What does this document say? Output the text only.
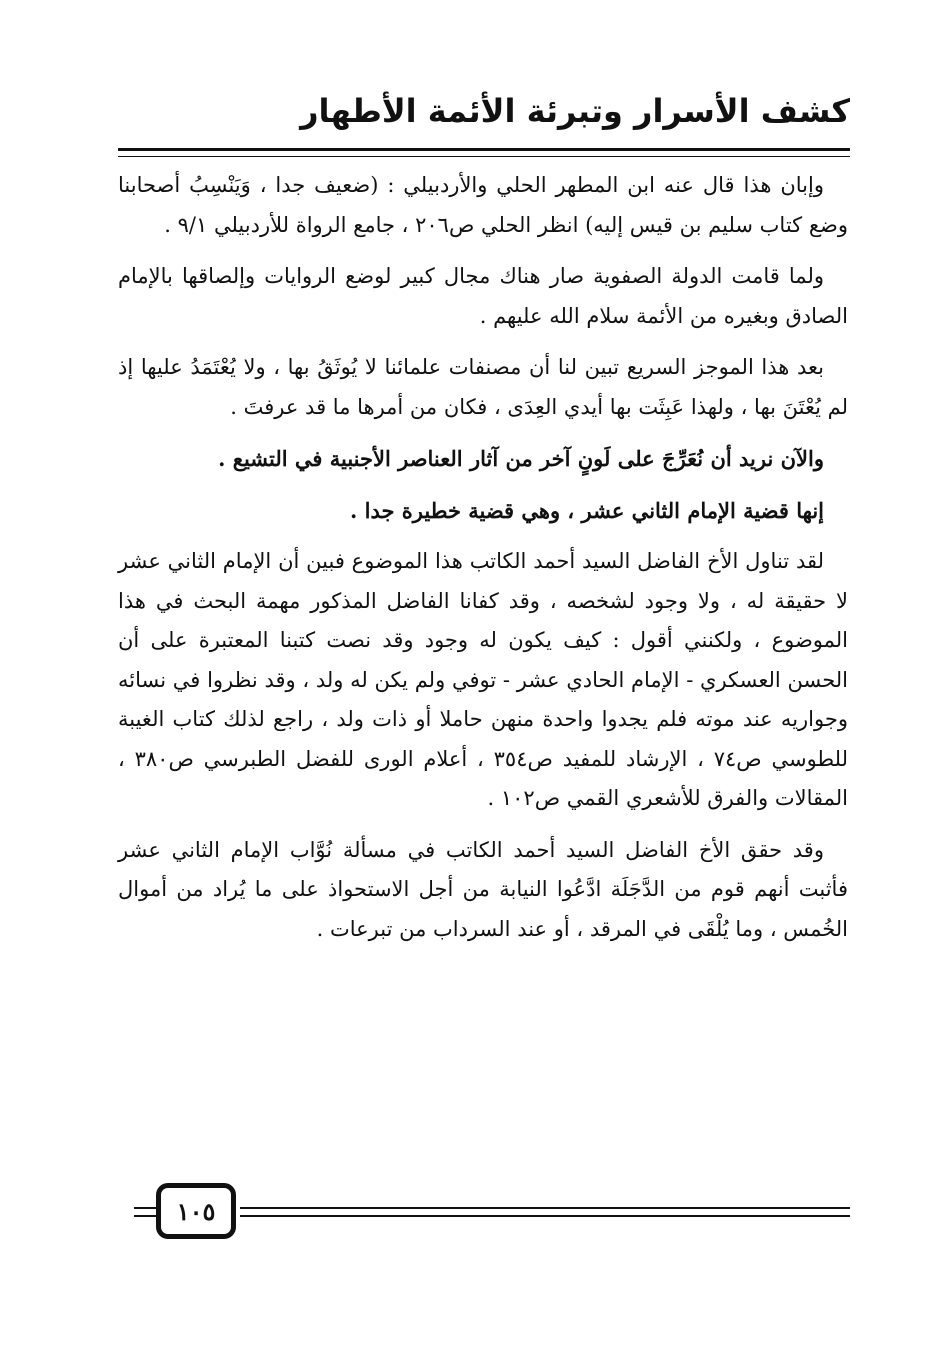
كشف الأسرار وتبرئة الأئمة الأطهار

وإبان هذا قال عنه ابن المطهر الحلي والأردبيلي : (ضعيف جدا ، وَيَنْسِبُ أصحابنا وضع كتاب سليم بن قيس إليه) انظر الحلي ص٢٠٦ ، جامع الرواة للأردبيلي ٩/١ .

ولما قامت الدولة الصفوية صار هناك مجال كبير لوضع الروايات وإلصاقها بالإمام الصادق وبغيره من الأئمة سلام الله عليهم .

بعد هذا الموجز السريع تبين لنا أن مصنفات علمائنا لا يُوثَقُ بها ، ولا يُعْتَمَدُ عليها إذ لم يُعْتَنَ بها ، ولهذا عَبِثَت بها أيدي العِدَى ، فكان من أمرها ما قد عرفتَ .

والآن نريد أن نُعَرِّجَ على لَونٍ آخر من آثار العناصر الأجنبية في التشيع .

إنها قضية الإمام الثاني عشر ، وهي قضية خطيرة جدا .

لقد تناول الأخ الفاضل السيد أحمد الكاتب هذا الموضوع فبين أن الإمام الثاني عشر لا حقيقة له ، ولا وجود لشخصه ، وقد كفانا الفاضل المذكور مهمة البحث في هذا الموضوع ، ولكنني أقول : كيف يكون له وجود وقد نصت كتبنا المعتبرة على أن الحسن العسكري - الإمام الحادي عشر - توفي ولم يكن له ولد ، وقد نظروا في نسائه وجواريه عند موته فلم يجدوا واحدة منهن حاملا أو ذات ولد ، راجع لذلك كتاب الغيبة للطوسي ص٧٤ ، الإرشاد للمفيد ص٣٥٤ ، أعلام الورى للفضل الطبرسي ص٣٨٠ ، المقالات والفرق للأشعري القمي ص١٠٢ .

وقد حقق الأخ الفاضل السيد أحمد الكاتب في مسألة نُوَّاب الإمام الثاني عشر فأثبت أنهم قوم من الدَّجَلَة ادَّعُوا النيابة من أجل الاستحواذ على ما يُراد من أموال الخُمس ، وما يُلْقَى في المرقد ، أو عند السرداب من تبرعات .

١٠٥
